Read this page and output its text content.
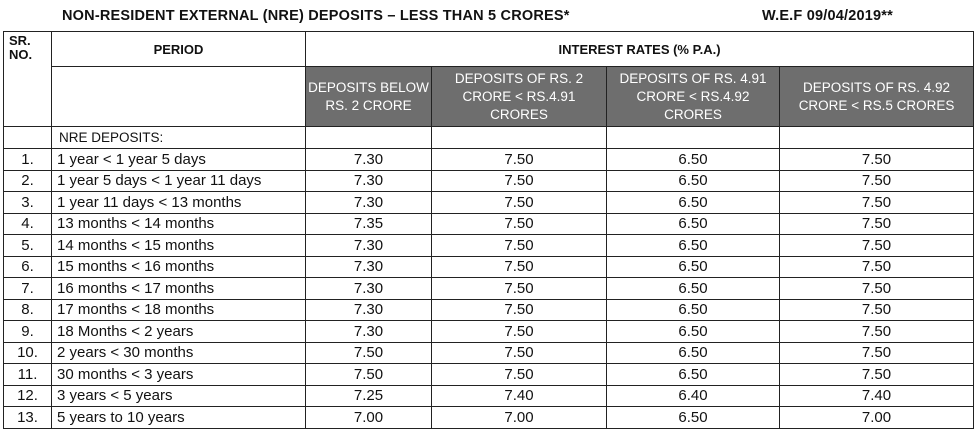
NON-RESIDENT EXTERNAL (NRE) DEPOSITS – LESS THAN 5 CRORES*	W.E.F 09/04/2019**
SR. NO.	PERIOD	INTEREST RATES (% P.A.)			
		DEPOSITS BELOW RS. 2 CRORE	DEPOSITS OF RS. 2 CRORE < RS.4.91 CRORES	DEPOSITS OF RS. 4.91 CRORE < RS.4.92 CRORES	DEPOSITS OF RS. 4.92 CRORE < RS.5 CRORES
	NRE DEPOSITS:				
1.	1 year < 1 year 5 days	7.30	7.50	6.50	7.50
2.	1 year 5 days < 1 year 11 days	7.30	7.50	6.50	7.50
3.	1 year 11 days < 13 months	7.30	7.50	6.50	7.50
4.	13 months < 14 months	7.35	7.50	6.50	7.50
5.	14 months < 15 months	7.30	7.50	6.50	7.50
6.	15 months < 16 months	7.30	7.50	6.50	7.50
7.	16 months < 17 months	7.30	7.50	6.50	7.50
8.	17 months < 18 months	7.30	7.50	6.50	7.50
9.	18 Months < 2 years	7.30	7.50	6.50	7.50
10.	2 years < 30 months	7.50	7.50	6.50	7.50
11.	30 months < 3 years	7.50	7.50	6.50	7.50
12.	3 years < 5 years	7.25	7.40	6.40	7.40
13.	5 years to 10 years	7.00	7.00	6.50	7.00
